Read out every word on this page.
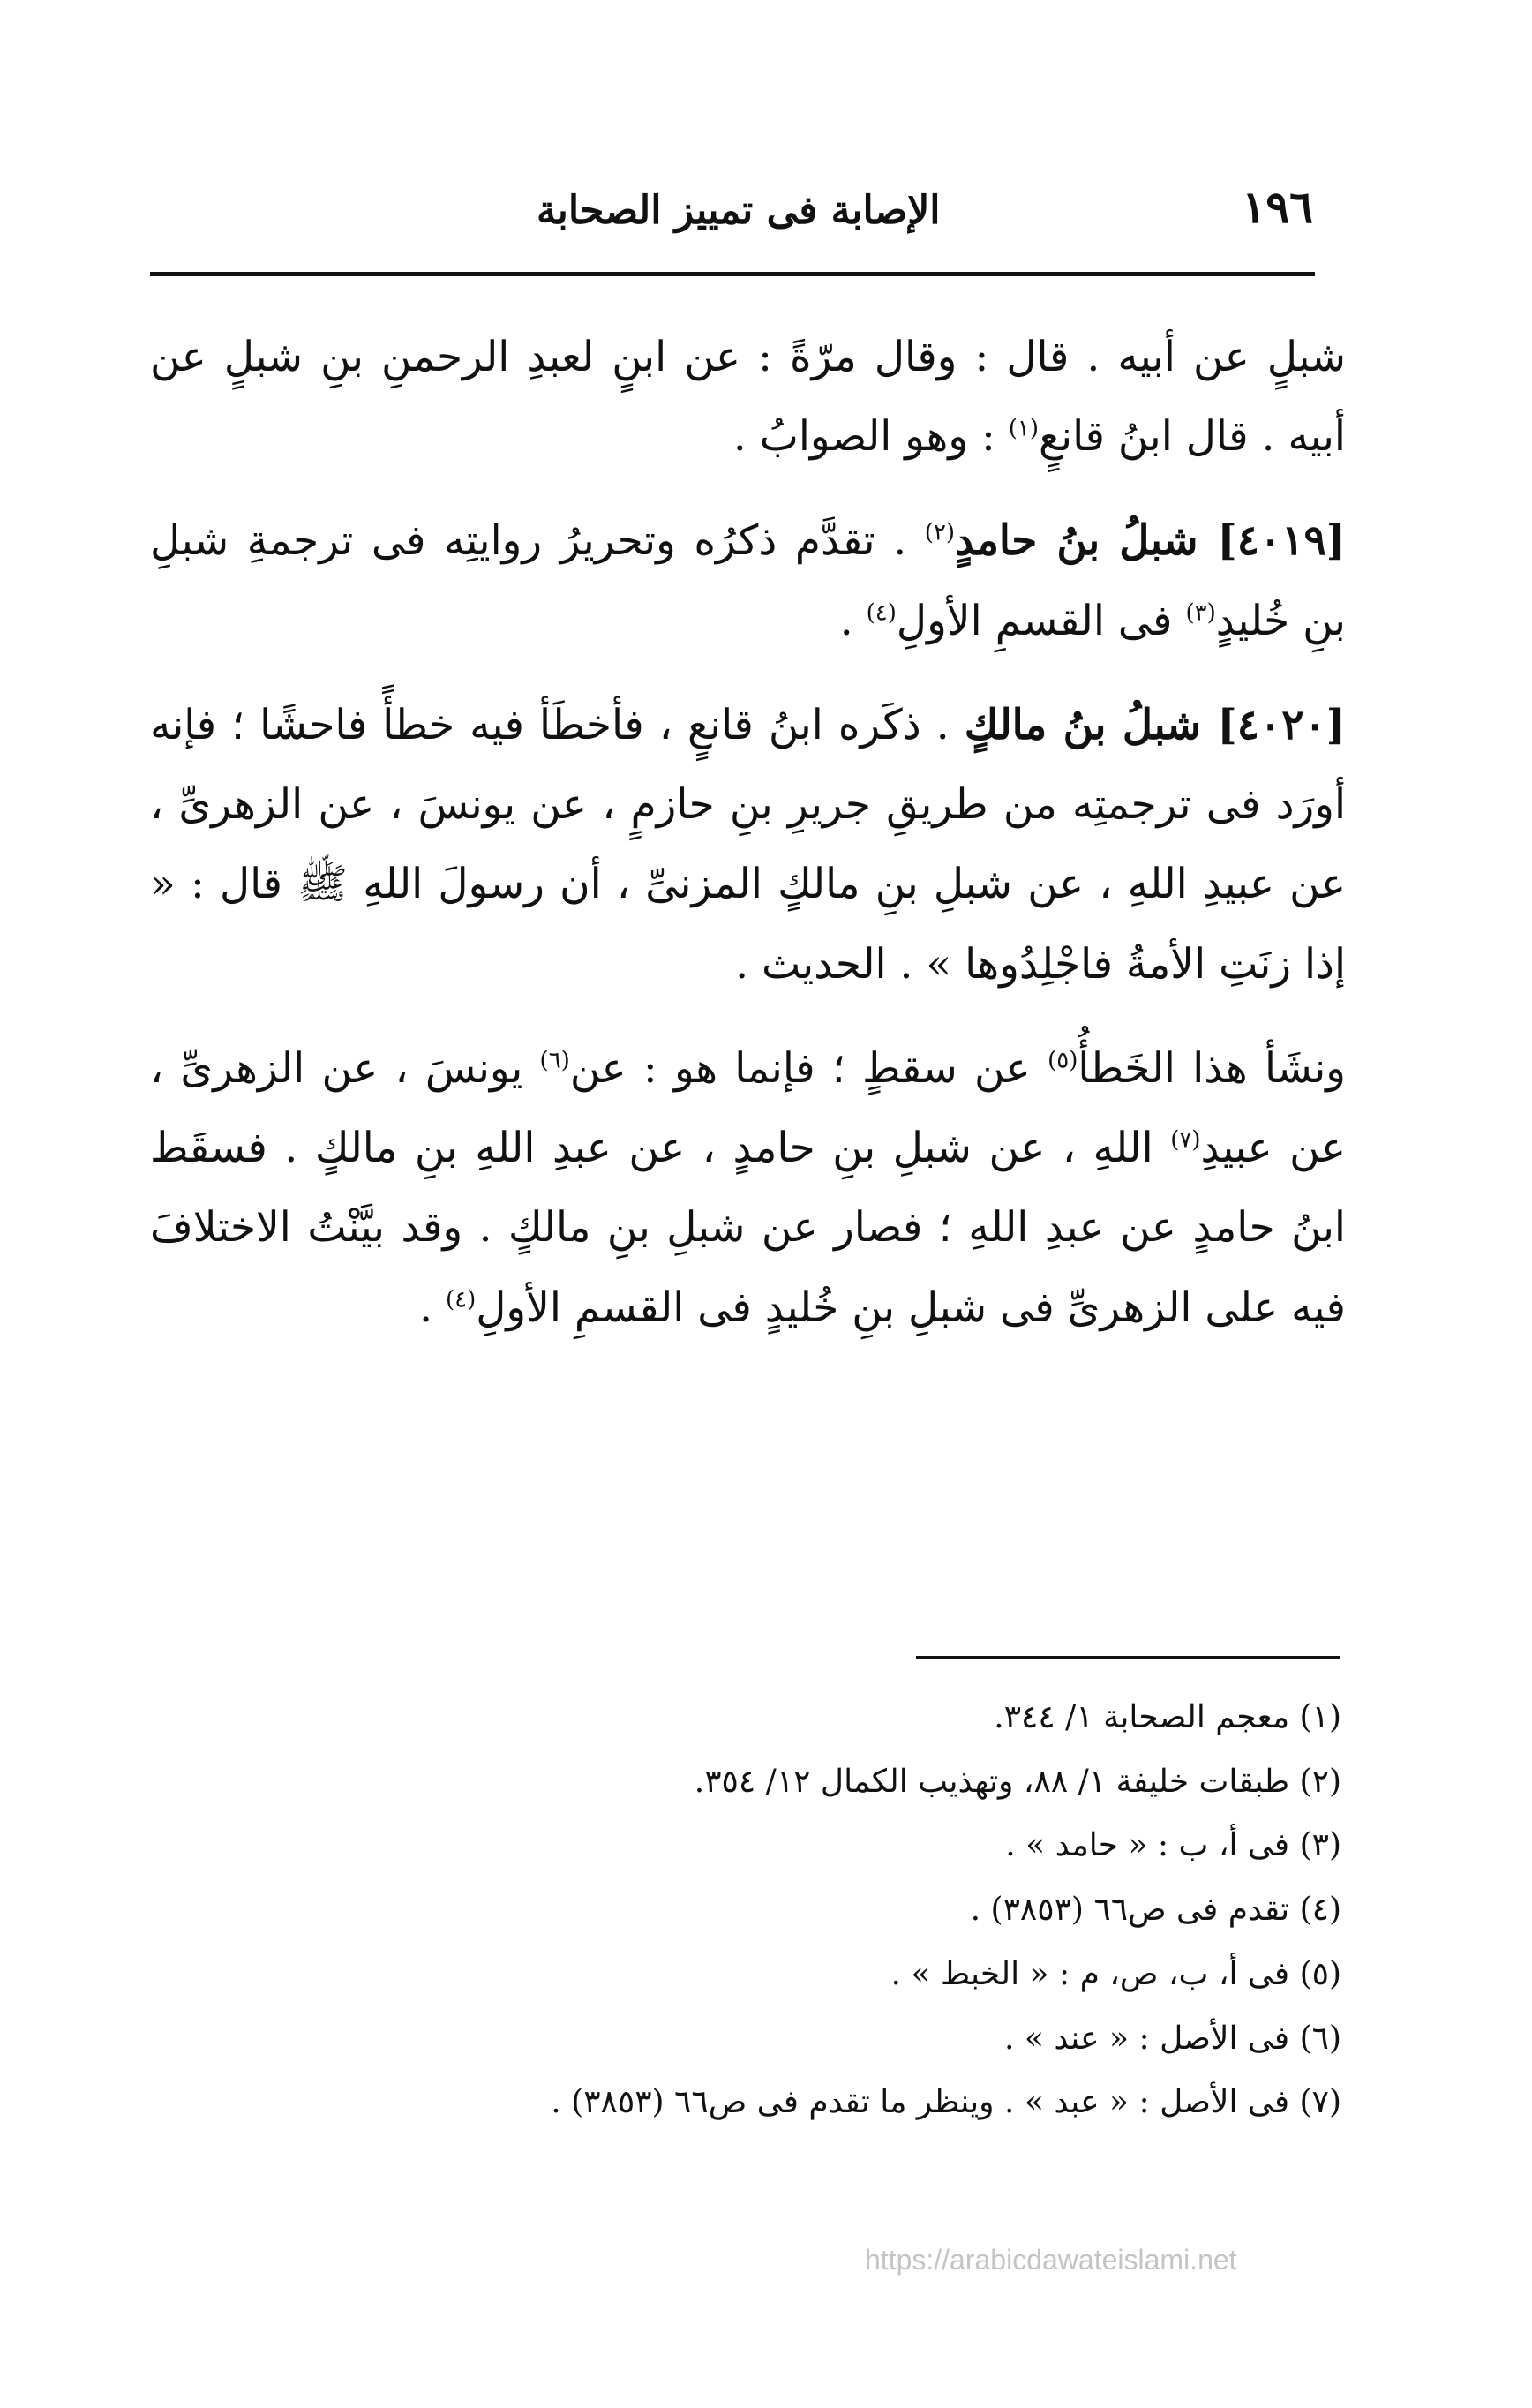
١٩٦
الإصابة فى تمييز الصحابة

شبلٍ عن أبيه . قال : وقال مرّةً : عن ابنٍ لعبدِ الرحمنِ بنِ شبلٍ عن أبيه . قال ابنُ قانعٍ$^{(١)}$ : وهو الصوابُ .

[٤٠١٩] شبلُ بنُ حامدٍ$^{(٢)}$ . تقدَّم ذكرُه وتحريرُ روايتِه فى ترجمةِ شبلِ بنِ خُليدٍ$^{(٣)}$ فى القسمِ الأولِ$^{(٤)}$ .

[٤٠٢٠] شبلُ بنُ مالكٍ . ذكَره ابنُ قانعٍ ، فأخطَأ فيه خطأً فاحشًا ؛ فإنه أورَد فى ترجمتِه من طريقِ جريرِ بنِ حازمٍ ، عن يونسَ ، عن الزهرىِّ ، عن عبيدِ اللهِ ، عن شبلِ بنِ مالكٍ المزنىِّ ، أن رسولَ اللهِ ﷺ قال : « إذا زنَتِ الأمةُ فاجْلِدُوها » . الحديث .

ونشَأ هذا الخَطأُ$^{(٥)}$ عن سقطٍ ؛ فإنما هو : عن$^{(٦)}$ يونسَ ، عن الزهرىِّ ، عن عبيدِ$^{(٧)}$ اللهِ ، عن شبلِ بنِ حامدٍ ، عن عبدِ اللهِ بنِ مالكٍ . فسقَط ابنُ حامدٍ عن عبدِ اللهِ ؛ فصار عن شبلِ بنِ مالكٍ . وقد بيَّنْتُ الاختلافَ فيه على الزهرىِّ فى شبلِ بنِ خُليدٍ فى القسمِ الأولِ$^{(٤)}$ .

(١) معجم الصحابة ١/ ٣٤٤.
(٢) طبقات خليفة ١/ ٨٨، وتهذيب الكمال ١٢/ ٣٥٤.
(٣) فى أ، ب : « حامد » .
(٤) تقدم فى ص٦٦ (٣٨٥٣) .
(٥) فى أ، ب، ص، م : « الخبط » .
(٦) فى الأصل : « عند » .
(٧) فى الأصل : « عبد » . وينظر ما تقدم فى ص٦٦ (٣٨٥٣) .
https://arabicdawateislami.net
